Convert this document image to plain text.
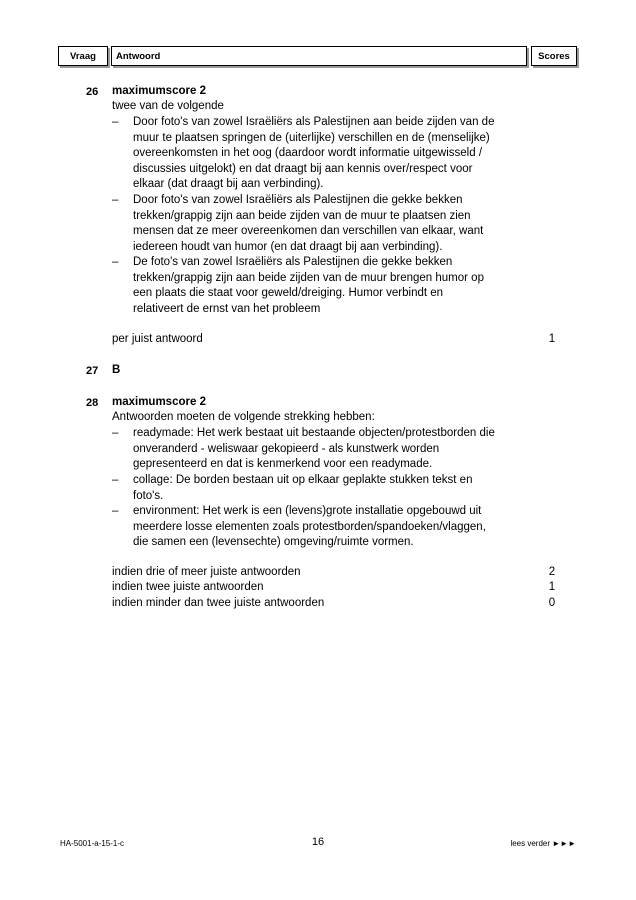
Vraag	Antwoord	Scores
26 maximumscore 2
twee van de volgende
– Door foto's van zowel Israëliërs als Palestijnen aan beide zijden van de
muur te plaatsen springen de (uiterlijke) verschillen en de (menselijke)
overeenkomsten in het oog (daardoor wordt informatie uitgewisseld /
discussies uitgelokt) en dat draagt bij aan kennis over/respect voor
elkaar (dat draagt bij aan verbinding).
– Door foto's van zowel Israëliërs als Palestijnen die gekke bekken
trekken/grappig zijn aan beide zijden van de muur te plaatsen zien
mensen dat ze meer overeenkomen dan verschillen van elkaar, want
iedereen houdt van humor (en dat draagt bij aan verbinding).
– De foto's van zowel Israëliërs als Palestijnen die gekke bekken
trekken/grappig zijn aan beide zijden van de muur brengen humor op
een plaats die staat voor geweld/dreiging. Humor verbindt en
relativeert de ernst van het probleem
per juist antwoord	1
27 B
28 maximumscore 2
Antwoorden moeten de volgende strekking hebben:
– readymade: Het werk bestaat uit bestaande objecten/protestborden die
onveranderd - weliswaar gekopieerd - als kunstwerk worden
gepresenteerd en dat is kenmerkend voor een readymade.
– collage: De borden bestaan uit op elkaar geplakte stukken tekst en
foto's.
– environment: Het werk is een (levens)grote installatie opgebouwd uit
meerdere losse elementen zoals protestborden/spandoeken/vlaggen,
die samen een (levensechte) omgeving/ruimte vormen.
indien drie of meer juiste antwoorden	2
indien twee juiste antwoorden	1
indien minder dan twee juiste antwoorden	0
HA-5001-a-15-1-c	16	lees verder ►►►
